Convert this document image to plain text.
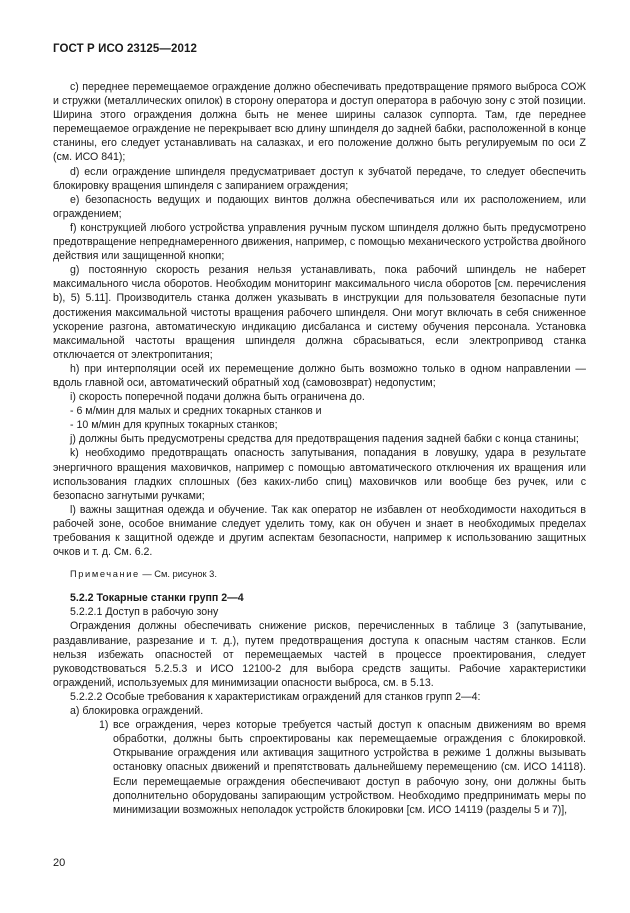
ГОСТ Р ИСО 23125—2012

c) переднее перемещаемое ограждение должно обеспечивать предотвращение прямого выброса СОЖ и стружки (металлических опилок) в сторону оператора и доступ оператора в рабочую зону с этой позиции. Ширина этого ограждения должна быть не менее ширины салазок суппорта. Там, где переднее перемещаемое ограждение не перекрывает всю длину шпинделя до задней бабки, расположенной в конце станины, его следует устанавливать на салазках, и его положение должно быть регулируемым по оси Z (см. ИСО 841);

d) если ограждение шпинделя предусматривает доступ к зубчатой передаче, то следует обеспечить блокировку вращения шпинделя с запиранием ограждения;

e) безопасность ведущих и подающих винтов должна обеспечиваться или их расположением, или ограждением;

f) конструкцией любого устройства управления ручным пуском шпинделя должно быть предусмотрено предотвращение непреднамеренного движения, например, с помощью механического устройства двойного действия или защищенной кнопки;

g) постоянную скорость резания нельзя устанавливать, пока рабочий шпиндель не наберет максимального числа оборотов. Необходим мониторинг максимального числа оборотов [см. перечисления b), 5) 5.11]. Производитель станка должен указывать в инструкции для пользователя безопасные пути достижения максимальной чистоты вращения рабочего шпинделя. Они могут включать в себя сниженное ускорение разгона, автоматическую индикацию дисбаланса и систему обучения персонала. Установка максимальной частоты вращения шпинделя должна сбрасываться, если электропривод станка отключается от электропитания;

h) при интерполяции осей их перемещение должно быть возможно только в одном направлении — вдоль главной оси, автоматический обратный ход (самовозврат) недопустим;

i) скорость поперечной подачи должна быть ограничена до.

- 6 м/мин для малых и средних токарных станков и

- 10 м/мин для крупных токарных станков;

j) должны быть предусмотрены средства для предотвращения падения задней бабки с конца станины;

k) необходимо предотвращать опасность запутывания, попадания в ловушку, удара в результате энергичного вращения маховичков, например с помощью автоматического отключения их вращения или использования гладких сплошных (без каких-либо спиц) маховичков или вообще без ручек, или с безопасно загнутыми ручками;

l) важны защитная одежда и обучение. Так как оператор не избавлен от необходимости находиться в рабочей зоне, особое внимание следует уделить тому, как он обучен и знает в необходимых пределах требования к защитной одежде и другим аспектам безопасности, например к использованию защитных очков и т. д. См. 6.2.

Примечание — См. рисунок 3.

5.2.2 Токарные станки групп 2—4

5.2.2.1 Доступ в рабочую зону

Ограждения должны обеспечивать снижение рисков, перечисленных в таблице 3 (запутывание, раздавливание, разрезание и т. д.), путем предотвращения доступа к опасным частям станков. Если нельзя избежать опасностей от перемещаемых частей в процессе проектирования, следует руководствоваться 5.2.5.3 и ИСО 12100-2 для выбора средств защиты. Рабочие характеристики ограждений, используемых для минимизации опасности выброса, см. в 5.13.

5.2.2.2 Особые требования к характеристикам ограждений для станков групп 2—4:

a) блокировка ограждений.

1) все ограждения, через которые требуется частый доступ к опасным движениям во время обработки, должны быть спроектированы как перемещаемые ограждения с блокировкой. Открывание ограждения или активация защитного устройства в режиме 1 должны вызывать остановку опасных движений и препятствовать дальнейшему перемещению (см. ИСО 14118). Если перемещаемые ограждения обеспечивают доступ в рабочую зону, они должны быть дополнительно оборудованы запирающим устройством. Необходимо предпринимать меры по минимизации возможных неполадок устройств блокировки [см. ИСО 14119 (разделы 5 и 7)],
20
